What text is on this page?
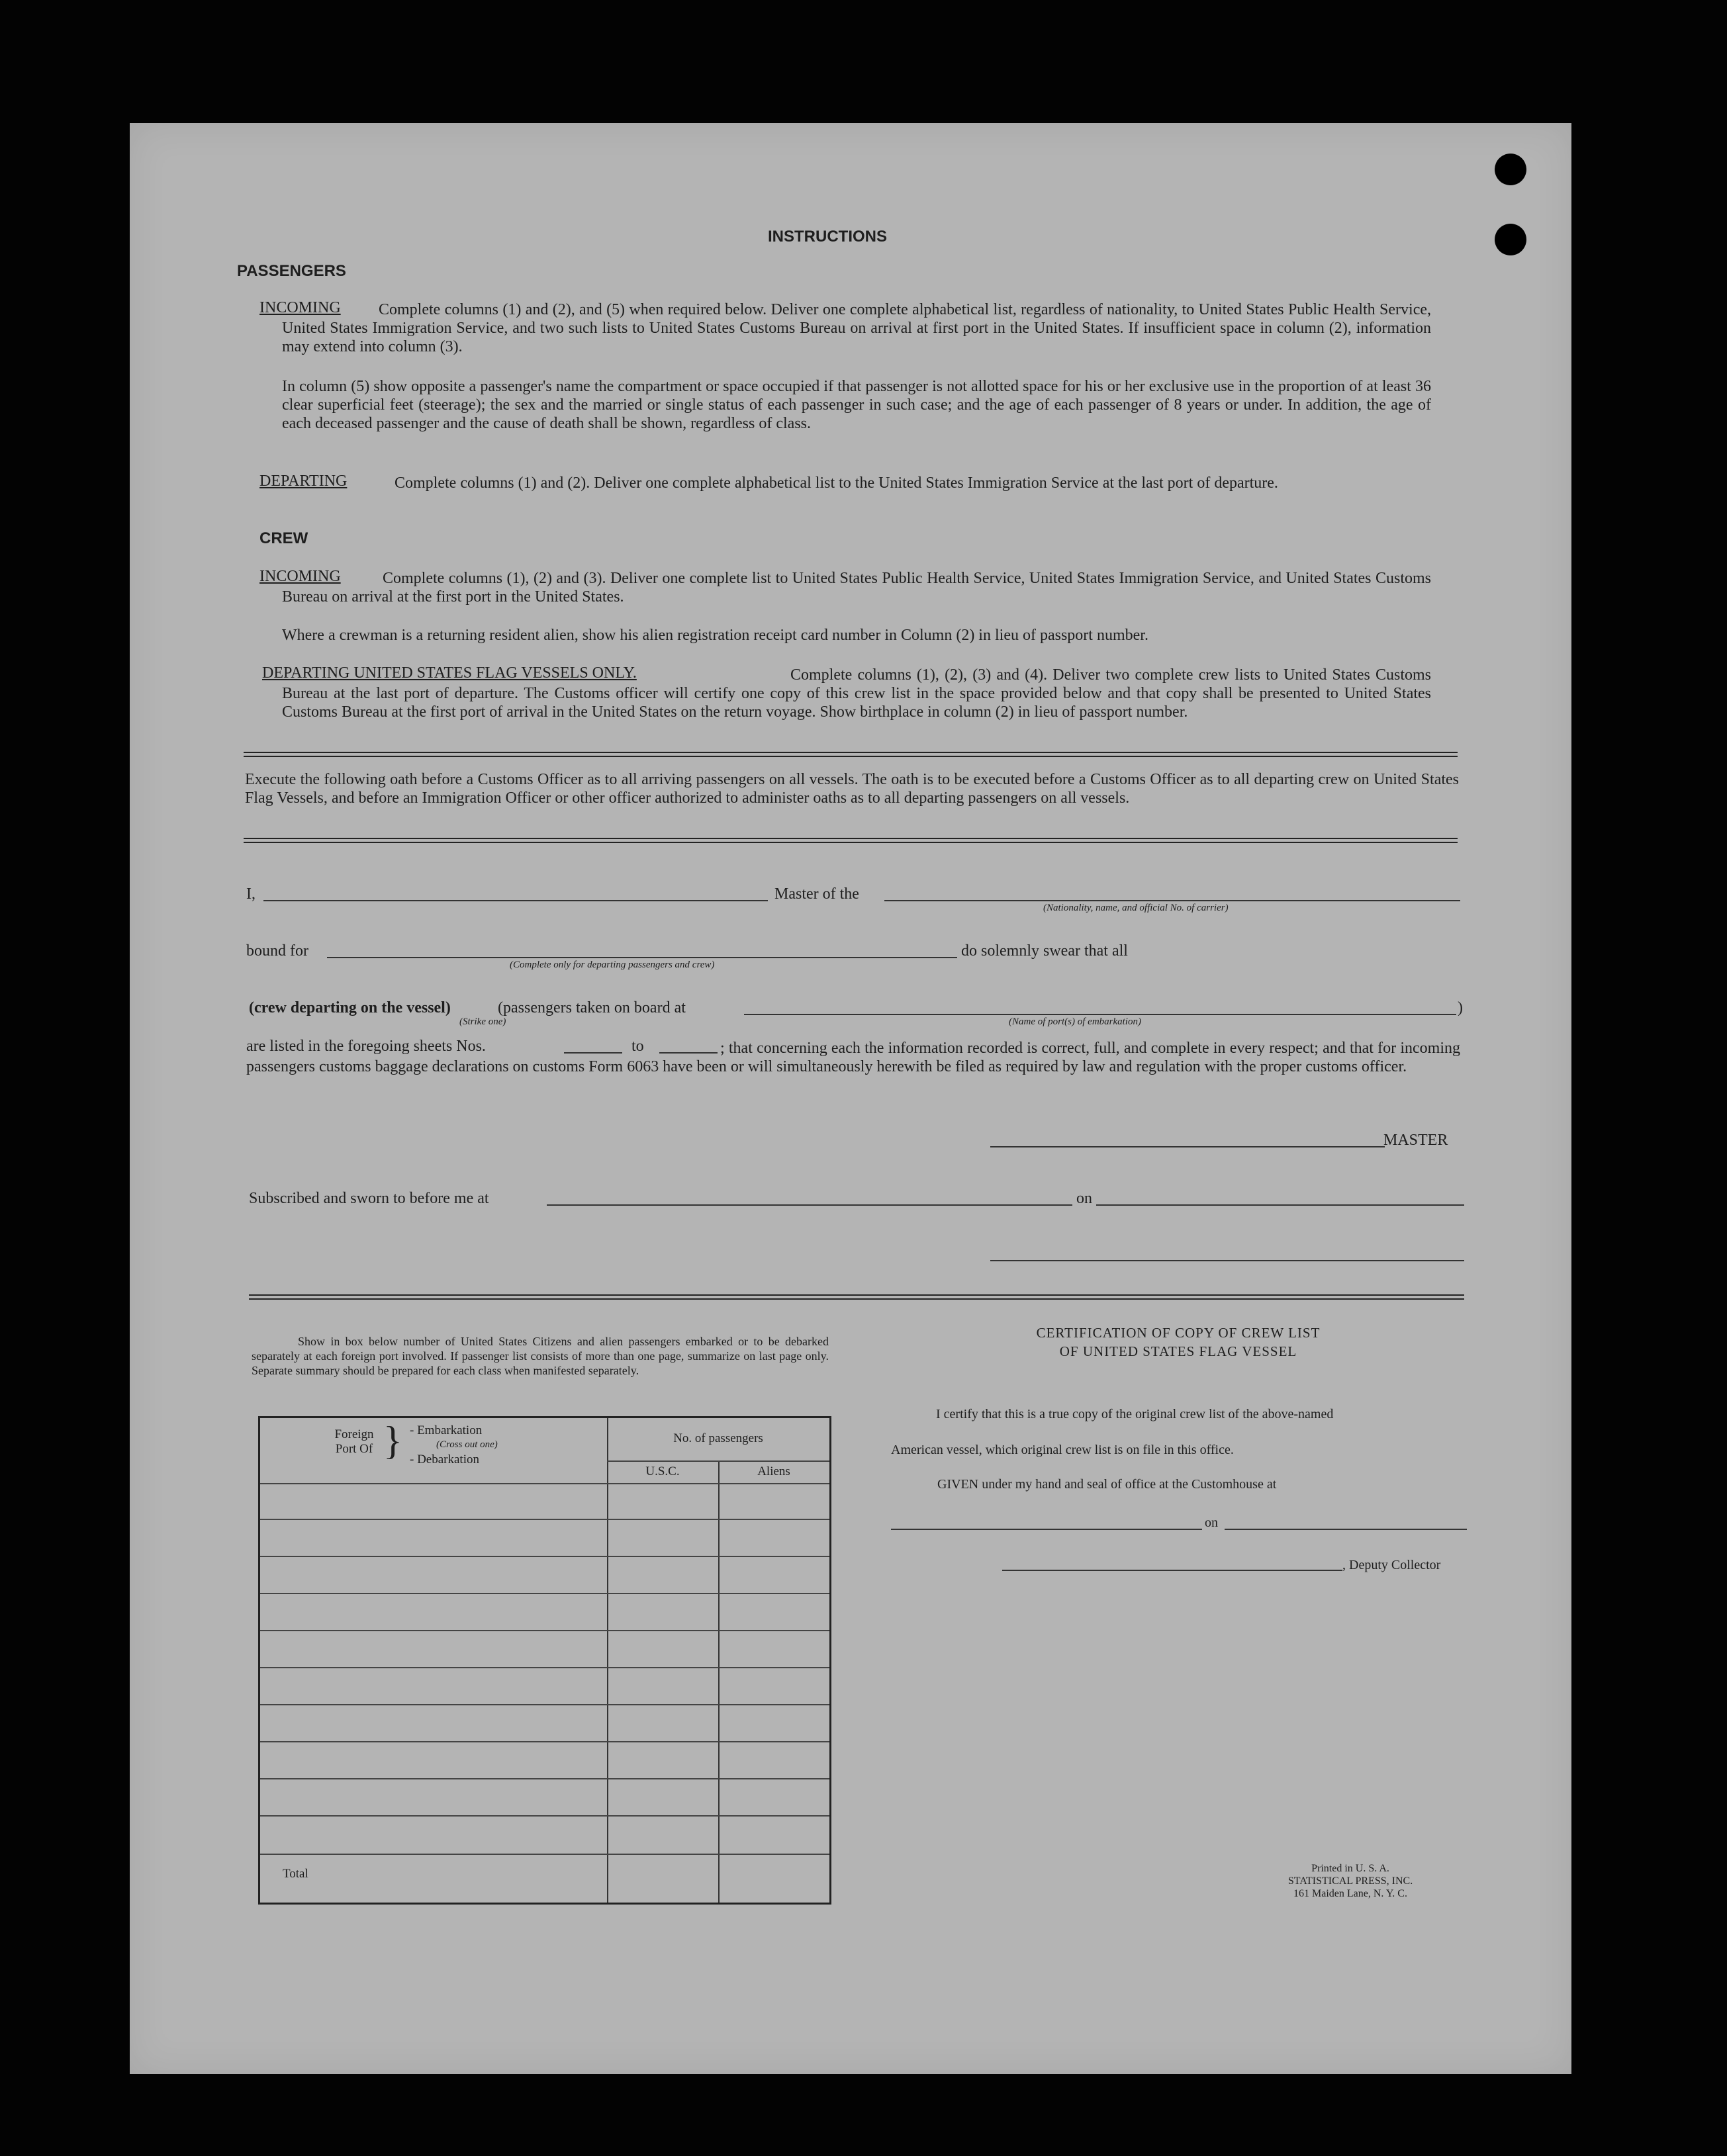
INSTRUCTIONS
PASSENGERS
INCOMING	Complete columns (1) and (2), and (5) when required below. Deliver one complete alphabetical list, regardless of nationality, to United States Public Health Service, United States Immigration Service, and two such lists to United States Customs Bureau on arrival at first port in the United States. If insufficient space in column (2), information may extend into column (3).
In column (5) show opposite a passenger's name the compartment or space occupied if that passenger is not allotted space for his or her exclusive use in the proportion of at least 36 clear superficial feet (steerage); the sex and the married or single status of each passenger in such case; and the age of each passenger of 8 years or under. In addition, the age of each deceased passenger and the cause of death shall be shown, regardless of class.
DEPARTING	Complete columns (1) and (2). Deliver one complete alphabetical list to the United States Immigration Service at the last port of departure.
CREW
INCOMING	Complete columns (1), (2) and (3). Deliver one complete list to United States Public Health Service, United States Immigration Service, and United States Customs Bureau on arrival at the first port in the United States.
Where a crewman is a returning resident alien, show his alien registration receipt card number in Column (2) in lieu of passport number.
DEPARTING UNITED STATES FLAG VESSELS ONLY.	Complete columns (1), (2), (3) and (4). Deliver two complete crew lists to United States Customs Bureau at the last port of departure. The Customs officer will certify one copy of this crew list in the space provided below and that copy shall be presented to United States Customs Bureau at the first port of arrival in the United States on the return voyage. Show birthplace in column (2) in lieu of passport number.
Execute the following oath before a Customs Officer as to all arriving passengers on all vessels. The oath is to be executed before a Customs Officer as to all departing crew on United States Flag Vessels, and before an Immigration Officer or other officer authorized to administer oaths as to all departing passengers on all vessels.
I,	Master of the
(Nationality, name, and official No. of carrier)
bound for
(Complete only for departing passengers and crew)
do solemnly swear that all
(crew departing on the vessel)
(Strike one)
(passengers taken on board at
(Name of port(s) of embarkation)
)
are listed in the foregoing sheets Nos.	to	; that concerning each the information recorded is correct, full, and complete in every respect; and that for incoming passengers customs baggage declarations on customs Form 6063 have been or will simultaneously herewith be filed as required by law and regulation with the proper customs officer.
MASTER
Subscribed and sworn to before me at	on
Show in box below number of United States Citizens and alien passengers embarked or to be debarked separately at each foreign port involved. If passenger list consists of more than one page, summarize on last page only. Separate summary should be prepared for each class when manifested separately.
Foreign Port Of } - Embarkation
(Cross out one)
- Debarkation
No. of passengers
U.S.C.	Aliens
Total
CERTIFICATION OF COPY OF CREW LIST
OF UNITED STATES FLAG VESSEL
I certify that this is a true copy of the original crew list of the above-named
American vessel, which original crew list is on file in this office.
GIVEN under my hand and seal of office at the Customhouse at
on
, Deputy Collector
Printed in U. S. A.
STATISTICAL PRESS, INC.
161 Maiden Lane, N. Y. C.
